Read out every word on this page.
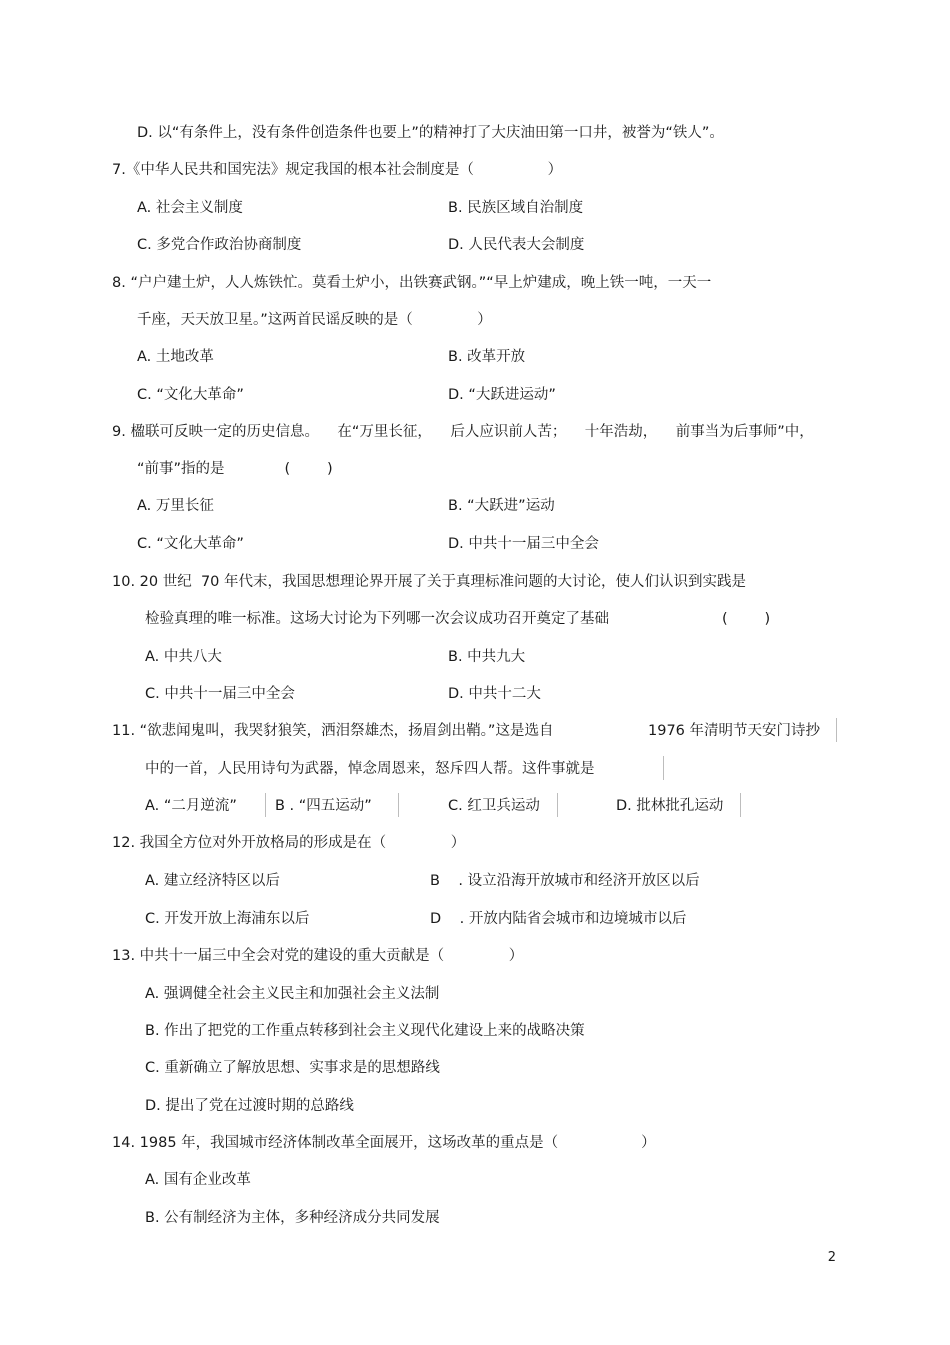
D. 以“有条件上，没有条件创造条件也要上”的精神打了大庆油田第一口井，被誉为“铁人”。
7.《中华人民共和国宪法》规定我国的根本社会制度是（                ）
A. 社会主义制度	B. 民族区域自治制度
C. 多党合作政治协商制度	D. 人民代表大会制度
8. “户户建土炉，人人炼铁忙。莫看土炉小，出铁赛武钢。”“早上炉建成，晚上铁一吨，一天一
千座，天天放卫星。”这两首民谣反映的是（              ）
A. 土地改革	B. 改革开放
C. “文化大革命”	D. “大跃进运动”
9. 楹联可反映一定的历史信息。    在“万里长征，    后人应识前人苦；    十年浩劫，    前事当为后事师”中，
“前事”指的是             (        )
A. 万里长征	B. “大跃进”运动
C. “文化大革命”	D. 中共十一届三中全会
10. 20 世纪  70 年代末，我国思想理论界开展了关于真理标准问题的大讨论，使人们认识到实践是
检验真理的唯一标准。这场大讨论为下列哪一次会议成功召开奠定了基础	(        )
A. 中共八大	B. 中共九大
C. 中共十一届三中全会	D. 中共十二大
11. “欲悲闻鬼叫，我哭豺狼笑，洒泪祭雄杰，扬眉剑出鞘。”这是选自	1976 年清明节天安门诗抄
中的一首，人民用诗句为武器，悼念周恩来，怒斥四人帮。这件事就是
A. “二月逆流”	B . “四五运动”	C. 红卫兵运动	D. 批林批孔运动
12. 我国全方位对外开放格局的形成是在（              ）
A. 建立经济特区以后	B    . 设立沿海开放城市和经济开放区以后
C. 开发开放上海浦东以后	D    . 开放内陆省会城市和边境城市以后
13. 中共十一届三中全会对党的建设的重大贡献是（              ）
A. 强调健全社会主义民主和加强社会主义法制
B. 作出了把党的工作重点转移到社会主义现代化建设上来的战略决策
C. 重新确立了解放思想、实事求是的思想路线
D. 提出了党在过渡时期的总路线
14. 1985 年，我国城市经济体制改革全面展开，这场改革的重点是（                  ）
A. 国有企业改革
B. 公有制经济为主体，多种经济成分共同发展
2
